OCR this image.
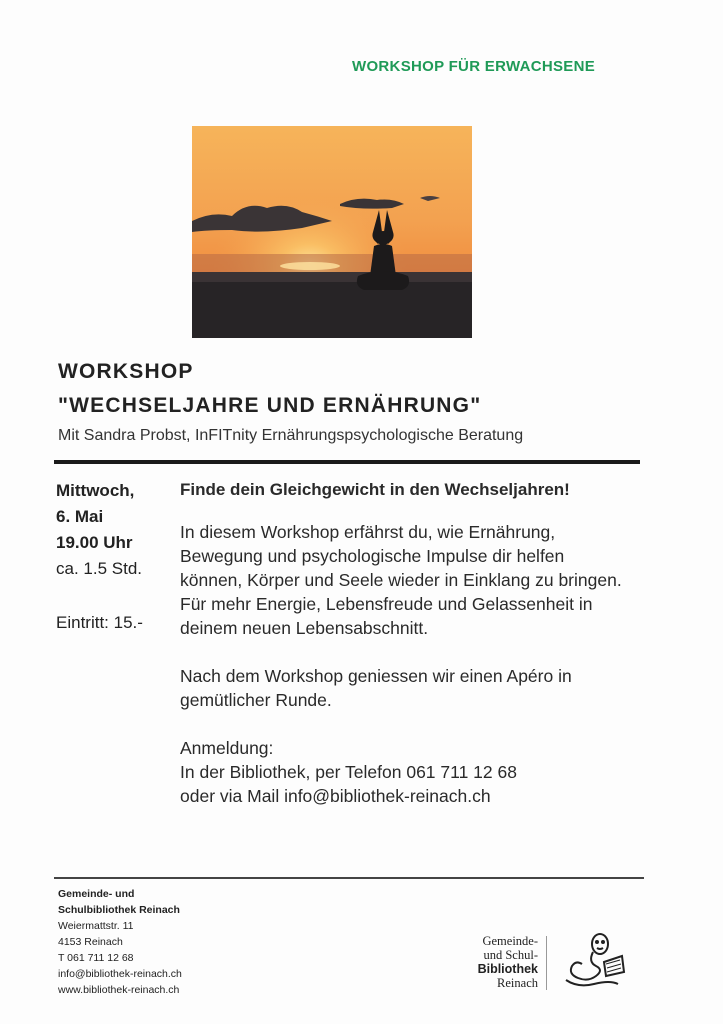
WORKSHOP FÜR ERWACHSENE
WORKSHOP
"WECHSELJAHRE UND ERNÄHRUNG"
Mit Sandra Probst, InFITnity Ernährungspsychologische Beratung
Mittwoch,
6. Mai
19.00 Uhr
ca. 1.5 Std.
Eintritt: 15.-
Finde dein Gleichgewicht in den Wechseljahren!
In diesem Workshop erfährst du, wie Ernährung, Bewegung und psychologische Impulse dir helfen können, Körper und Seele wieder in Einklang zu bringen. Für mehr Energie, Lebensfreude und Gelassenheit in deinem neuen Lebensabschnitt.
Nach dem Workshop geniessen wir einen Apéro in gemütlicher Runde.
Anmeldung:
In der Bibliothek, per Telefon 061 711 12 68
oder via Mail info@bibliothek-reinach.ch
Gemeinde- und
Schulbibliothek Reinach
Weiermattstr. 11
4153 Reinach
T 061 711 12 68
info@bibliothek-reinach.ch
www.bibliothek-reinach.ch
Gemeinde-
und Schul-
Bibliothek
Reinach
